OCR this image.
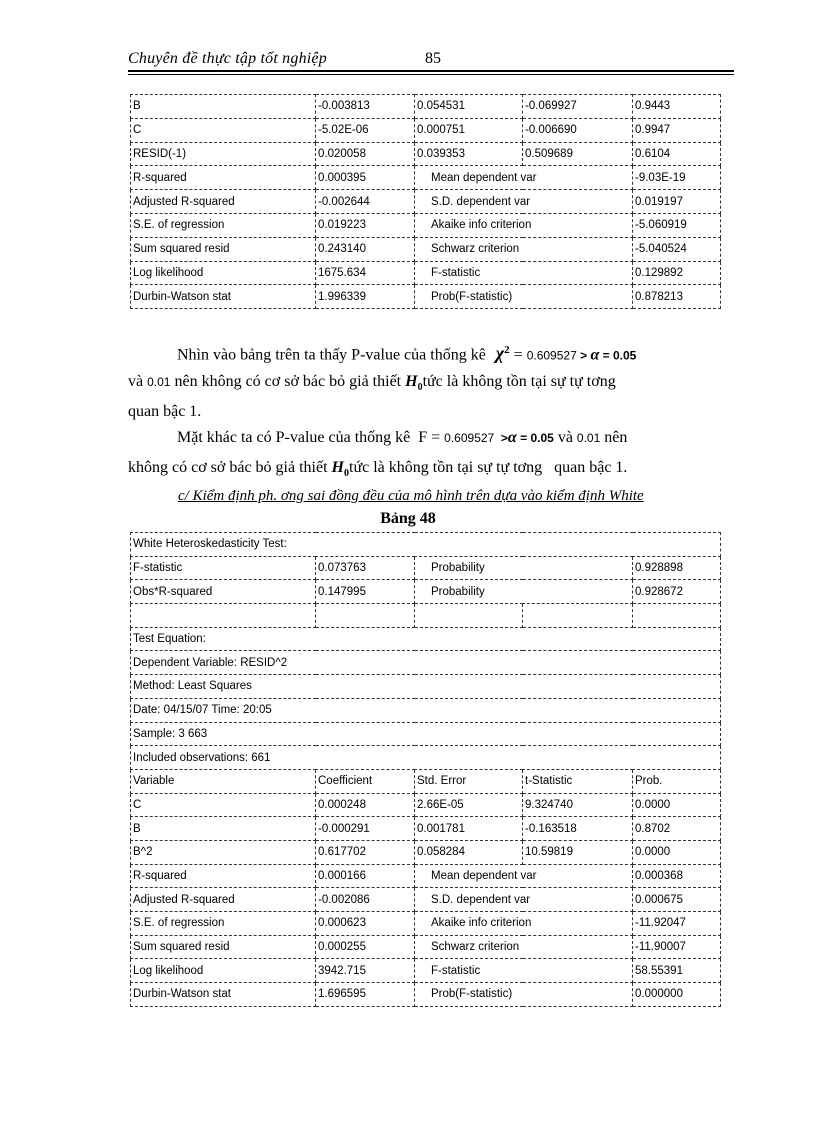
Chuyên đề thực tập tốt nghiệp	85
B	-0.003813	0.054531	-0.069927	0.9443
C	-5.02E-06	0.000751	-0.006690	0.9947
RESID(-1)	0.020058	0.039353	0.509689	0.6104
R-squared	0.000395	Mean dependent var		-9.03E-19
Adjusted R-squared	-0.002644	S.D. dependent var		0.019197
S.E. of regression	0.019223	Akaike info criterion		-5.060919
Sum squared resid	0.243140	Schwarz criterion		-5.040524
Log likelihood	1675.634	F-statistic		0.129892
Durbin-Watson stat	1.996339	Prob(F-statistic)		0.878213
Nhìn vào bảng trên ta thấy P-value của thống kê $\chi^2 = 0.609527 > \alpha = 0.05$
và 0.01 nên không có cơ sở bác bỏ giả thiết $H_0tức$ là không tồn tại sự tự tơng
quan bậc 1.
Mặt khác ta có P-value của thống kê  F = 0.609527  >α = 0.05 và 0.01 nên
không có cơ sở bác bỏ giả thiết $H_0tức$ là không tồn tại sự tự tơng   quan bậc 1.
c/ Kiểm định ph. ơng sai đồng đều của mô hình trên dựa vào kiểm định White
Bảng 48
White Heteroskedasticity Test:				
F-statistic	0.073763	Probability		0.928898
Obs*R-squared	0.147995	Probability		0.928672

Test Equation:				
Dependent Variable: RESID^2				
Method: Least Squares				
Date: 04/15/07 Time: 20:05				
Sample: 3 663				
Included observations: 661				
Variable	Coefficient	Std. Error	t-Statistic	Prob.
C	0.000248	2.66E-05	9.324740	0.0000
B	-0.000291	0.001781	-0.163518	0.8702
B^2	0.617702	0.058284	10.59819	0.0000
R-squared	0.000166	Mean dependent var		0.000368
Adjusted R-squared	-0.002086	S.D. dependent var		0.000675
S.E. of regression	0.000623	Akaike info criterion		-11.92047
Sum squared resid	0.000255	Schwarz criterion		-11.90007
Log likelihood	3942.715	F-statistic		58.55391
Durbin-Watson stat	1.696595	Prob(F-statistic)		0.000000
